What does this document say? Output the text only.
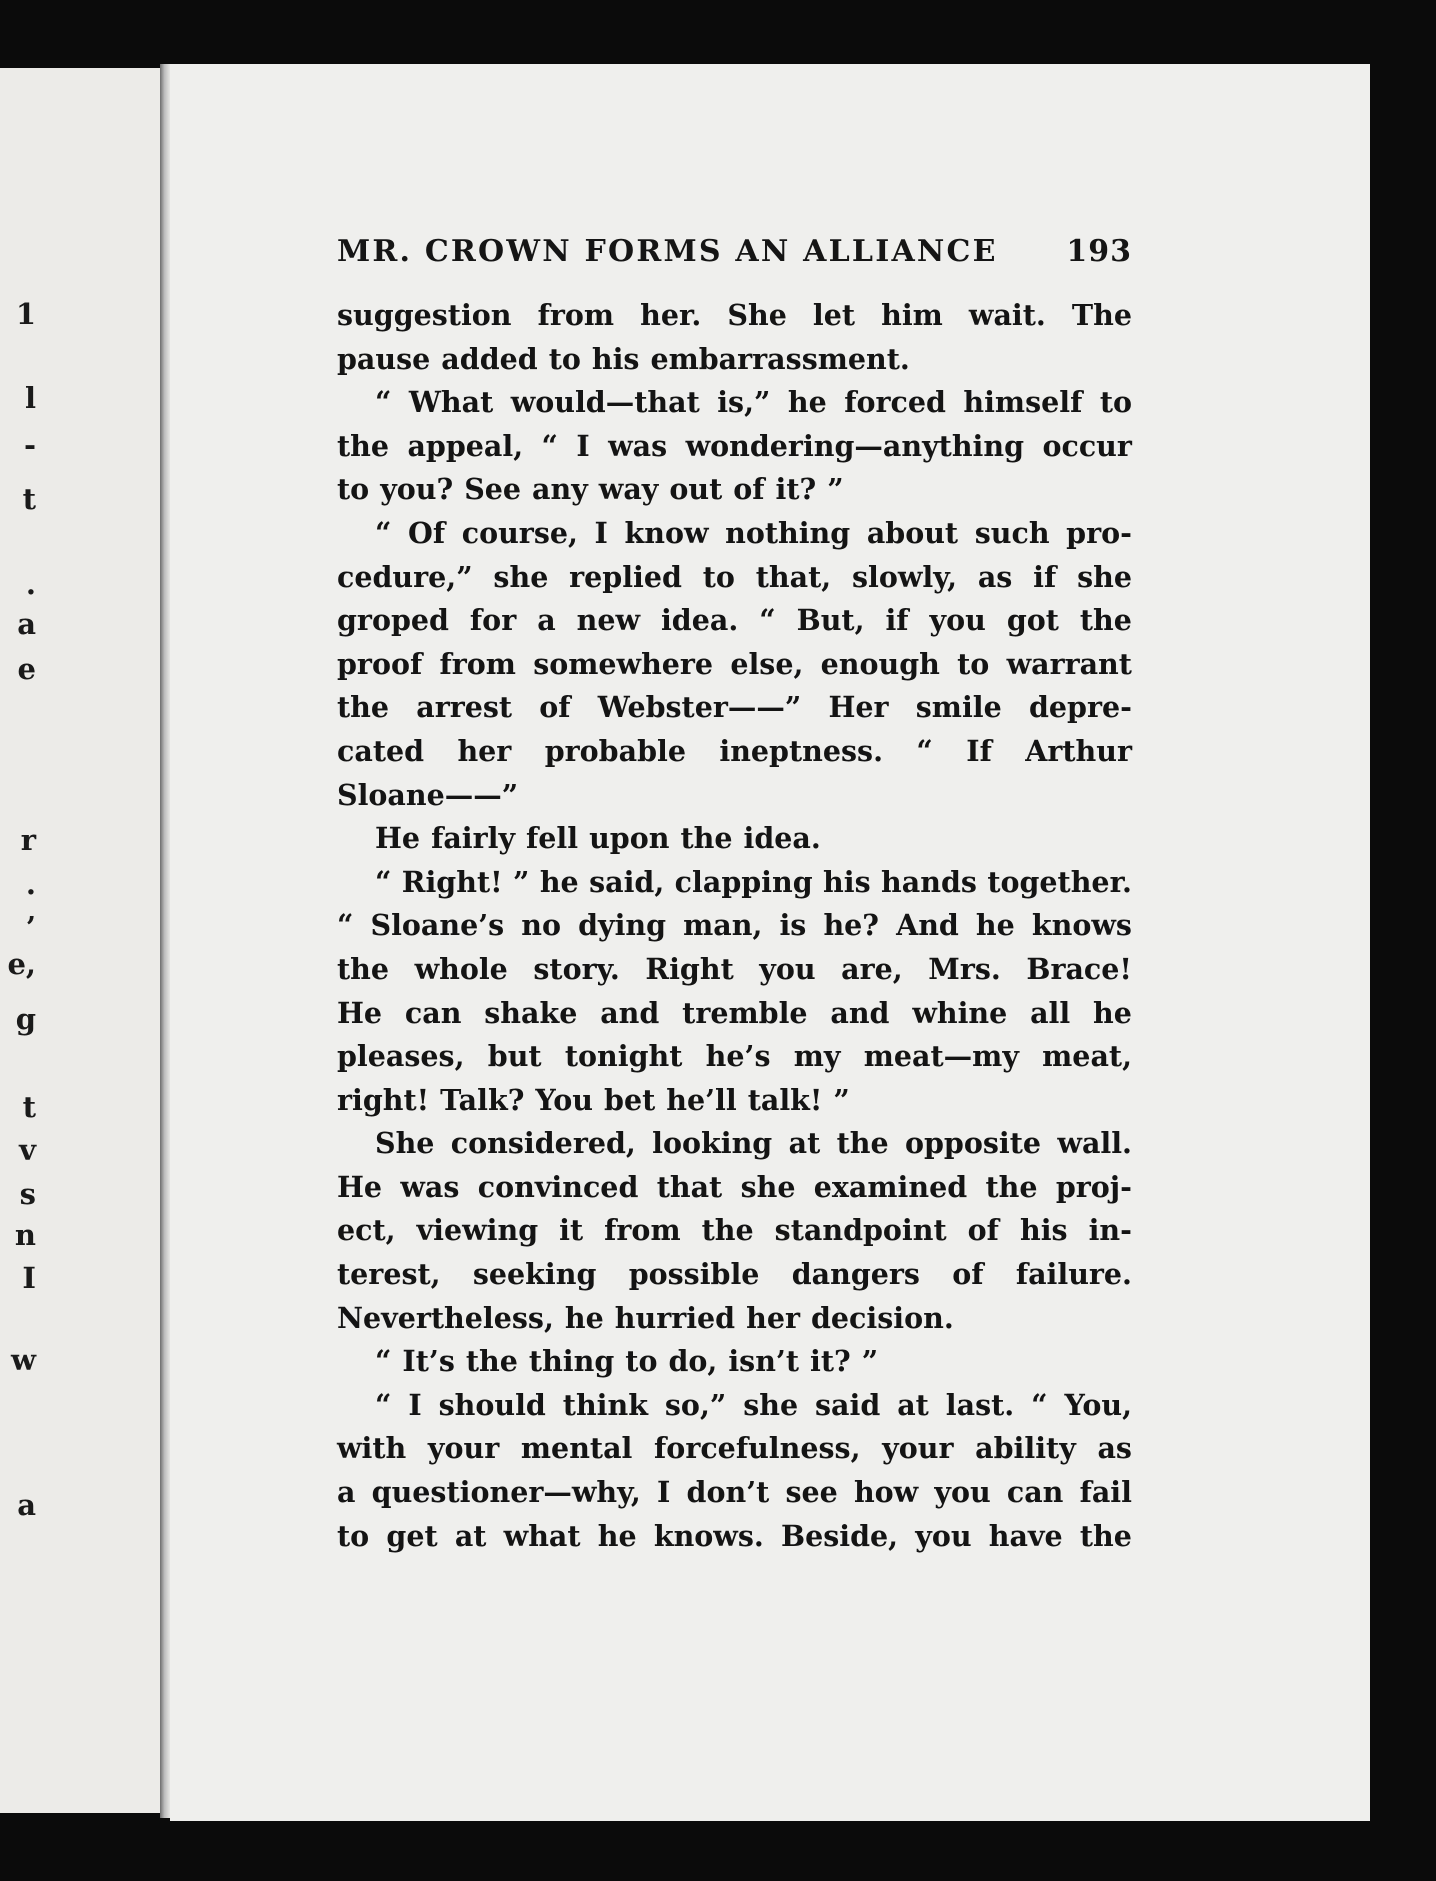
1
l
-
t
.
a
e
r
.
’
e,
g
t
v
s
n
I
w
a
MR. CROWN FORMS AN ALLIANCE 193
suggestion from her. She let him wait. The
pause added to his embarrassment.
“ What would—that is,” he forced himself to
the appeal, “ I was wondering—anything occur
to you? See any way out of it? ”
“ Of course, I know nothing about such pro-
cedure,” she replied to that, slowly, as if she
groped for a new idea. “ But, if you got the
proof from somewhere else, enough to warrant
the arrest of Webster——” Her smile depre-
cated her probable ineptness. “ If Arthur
Sloane——”
He fairly fell upon the idea.
“ Right! ” he said, clapping his hands together.
“ Sloane’s no dying man, is he? And he knows
the whole story. Right you are, Mrs. Brace!
He can shake and tremble and whine all he
pleases, but tonight he’s my meat—my meat,
right! Talk? You bet he’ll talk! ”
She considered, looking at the opposite wall.
He was convinced that she examined the proj-
ect, viewing it from the standpoint of his in-
terest, seeking possible dangers of failure.
Nevertheless, he hurried her decision.
“ It’s the thing to do, isn’t it? ”
“ I should think so,” she said at last. “ You,
with your mental forcefulness, your ability as
a questioner—why, I don’t see how you can fail
to get at what he knows. Beside, you have the
